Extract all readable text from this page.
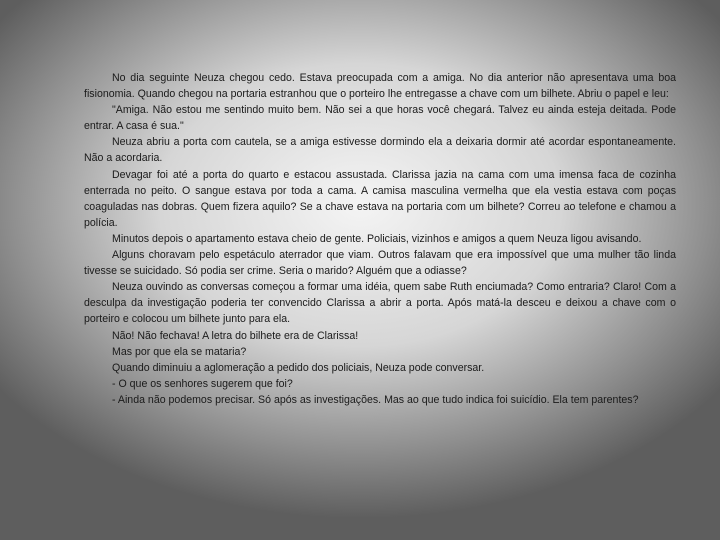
No dia seguinte Neuza chegou cedo. Estava preocupada com a amiga. No dia anterior não apresentava uma boa fisionomia. Quando chegou na portaria estranhou que o porteiro lhe entregasse a chave com um bilhete. Abriu o papel e leu:

"Amiga. Não estou me sentindo muito bem. Não sei a que horas você chegará. Talvez eu ainda esteja deitada. Pode entrar. A casa é sua."

Neuza abriu a porta com cautela, se a amiga estivesse dormindo ela a deixaria dormir até acordar espontaneamente. Não a acordaria.

Devagar foi até a porta do quarto e estacou assustada. Clarissa jazia na cama com uma imensa faca de cozinha enterrada no peito. O sangue estava por toda a cama. A camisa masculina vermelha que ela vestia estava com poças coaguladas nas dobras. Quem fizera aquilo? Se a chave estava na portaria com um bilhete? Correu ao telefone e chamou a polícia.

Minutos depois o apartamento estava cheio de gente. Policiais, vizinhos e amigos a quem Neuza ligou avisando.

Alguns choravam pelo espetáculo aterrador que viam. Outros falavam que era impossível que uma mulher tão linda tivesse se suicidado. Só podia ser crime. Seria o marido? Alguém que a odiasse?

Neuza ouvindo as conversas começou a formar uma idéia, quem sabe Ruth enciumada? Como entraria? Claro! Com a desculpa da investigação poderia ter convencido Clarissa a abrir a porta. Após matá-la desceu e deixou a chave com o porteiro e colocou um bilhete junto para ela.

Não! Não fechava! A letra do bilhete era de Clarissa!

Mas por que ela se mataria?

Quando diminuiu a aglomeração a pedido dos policiais, Neuza pode conversar.

- O que os senhores sugerem que foi?

- Ainda não podemos precisar. Só após as investigações. Mas ao que tudo indica foi suicídio. Ela tem parentes?
